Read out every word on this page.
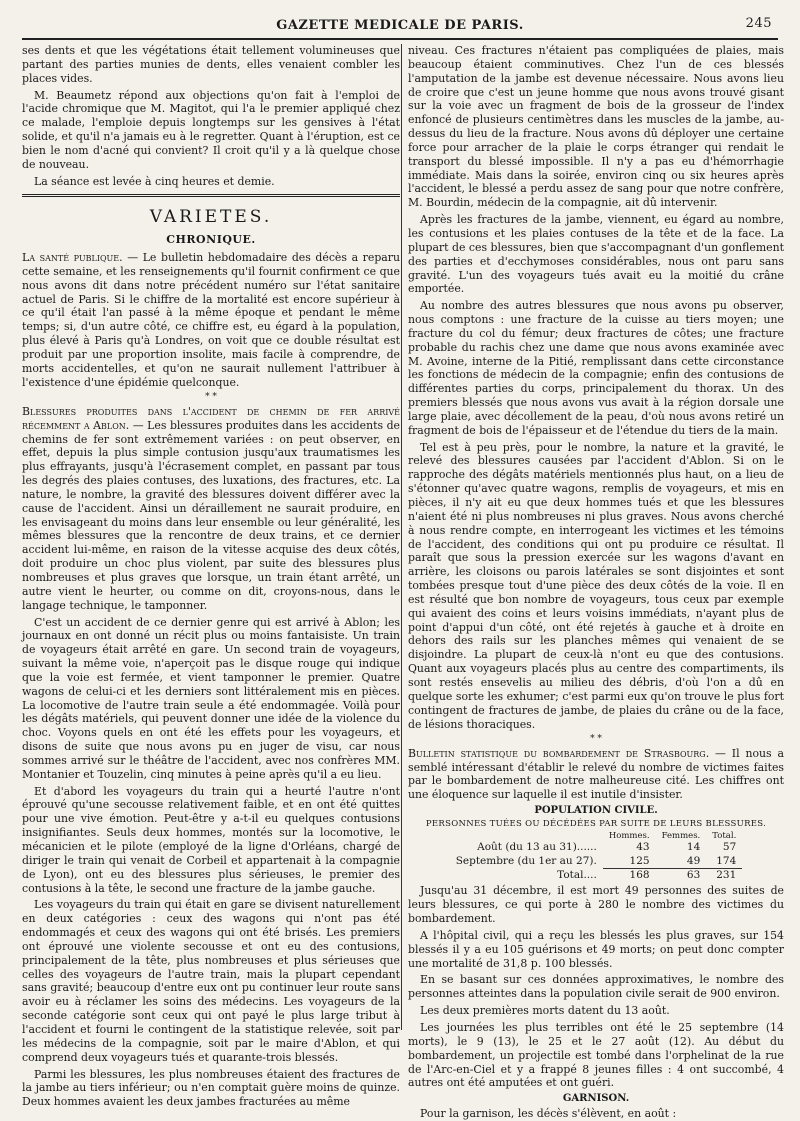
GAZETTE MEDICALE DE PARIS.	245

ses dents et que les végétations était tellement volumineuses que partant des parties munies de dents, elles venaient combler les places vides.

M. Beaumetz répond aux objections qu'on fait à l'emploi de l'acide chromique que M. Magitot, qui l'a le premier appliqué chez ce malade, l'emploie depuis longtemps sur les gensives à l'état solide, et qu'il n'a jamais eu à le regretter. Quant à l'éruption, est ce bien le nom d'acné qui convient? Il croit qu'il y a là quelque chose de nouveau.

La séance est levée à cinq heures et demie.

VARIETES.
CHRONIQUE.

La santé publique. — Le bulletin hebdomadaire des décès a reparu cette semaine, et les renseignements qu'il fournit confirment ce que nous avons dit dans notre précédent numéro sur l'état sanitaire actuel de Paris. Si le chiffre de la mortalité est encore supérieur à ce qu'il était l'an passé à la même époque et pendant le même temps; si, d'un autre côté, ce chiffre est, eu égard à la population, plus élevé à Paris qu'à Londres, on voit que ce double résultat est produit par une proportion insolite, mais facile à comprendre, de morts accidentelles, et qu'on ne saurait nullement l'attribuer à l'existence d'une épidémie quelconque.

* *

Blessures produites dans l'accident de chemin de fer arrivé récemment a Ablon. — Les blessures produites dans les accidents de chemins de fer sont extrêmement variées : on peut observer, en effet, depuis la plus simple contusion jusqu'aux traumatismes les plus effrayants, jusqu'à l'écrasement complet, en passant par tous les degrés des plaies contuses, des luxations, des fractures, etc. La nature, le nombre, la gravité des blessures doivent différer avec la cause de l'accident. Ainsi un déraillement ne saurait produire, en les envisageant du moins dans leur ensemble ou leur généralité, les mêmes blessures que la rencontre de deux trains, et ce dernier accident lui-même, en raison de la vitesse acquise des deux côtés, doit produire un choc plus violent, par suite des blessures plus nombreuses et plus graves que lorsque, un train étant arrêté, un autre vient le heurter, ou comme on dit, croyons-nous, dans le langage technique, le tamponner.

C'est un accident de ce dernier genre qui est arrivé à Ablon; les journaux en ont donné un récit plus ou moins fantaisiste. Un train de voyageurs était arrêté en gare. Un second train de voyageurs, suivant la même voie, n'aperçoit pas le disque rouge qui indique que la voie est fermée, et vient tamponner le premier. Quatre wagons de celui-ci et les derniers sont littéralement mis en pièces. La locomotive de l'autre train seule a été endommagée. Voilà pour les dégâts matériels, qui peuvent donner une idée de la violence du choc. Voyons quels en ont été les effets pour les voyageurs, et disons de suite que nous avons pu en juger de visu, car nous sommes arrivé sur le théâtre de l'accident, avec nos confrères MM. Montanier et Touzelin, cinq minutes à peine après qu'il a eu lieu.

Et d'abord les voyageurs du train qui a heurté l'autre n'ont éprouvé qu'une secousse relativement faible, et en ont été quittes pour une vive émotion. Peut-être y a-t-il eu quelques contusions insignifiantes. Seuls deux hommes, montés sur la locomotive, le mécanicien et le pilote (employé de la ligne d'Orléans, chargé de diriger le train qui venait de Corbeil et appartenait à la compagnie de Lyon), ont eu des blessures plus sérieuses, le premier des contusions à la tête, le second une fracture de la jambe gauche.

Les voyageurs du train qui était en gare se divisent naturellement en deux catégories : ceux des wagons qui n'ont pas été endommagés et ceux des wagons qui ont été brisés. Les premiers ont éprouvé une violente secousse et ont eu des contusions, principalement de la tête, plus nombreuses et plus sérieuses que celles des voyageurs de l'autre train, mais la plupart cependant sans gravité; beaucoup d'entre eux ont pu continuer leur route sans avoir eu à réclamer les soins des médecins. Les voyageurs de la seconde catégorie sont ceux qui ont payé le plus large tribut à l'accident et fourni le contingent de la statistique relevée, soit par les médecins de la compagnie, soit par le maire d'Ablon, et qui comprend deux voyageurs tués et quarante-trois blessés.

Parmi les blessures, les plus nombreuses étaient des fractures de la jambe au tiers inférieur; ou n'en comptait guère moins de quinze. Deux hommes avaient les deux jambes fracturées au même

niveau. Ces fractures n'étaient pas compliquées de plaies, mais beaucoup étaient comminutives. Chez l'un de ces blessés l'amputation de la jambe est devenue nécessaire. Nous avons lieu de croire que c'est un jeune homme que nous avons trouvé gisant sur la voie avec un fragment de bois de la grosseur de l'index enfoncé de plusieurs centimètres dans les muscles de la jambe, au-dessus du lieu de la fracture. Nous avons dû déployer une certaine force pour arracher de la plaie le corps étranger qui rendait le transport du blessé impossible. Il n'y a pas eu d'hémorrhagie immédiate. Mais dans la soirée, environ cinq ou six heures après l'accident, le blessé a perdu assez de sang pour que notre confrère, M. Bourdin, médecin de la compagnie, ait dû intervenir.

Après les fractures de la jambe, viennent, eu égard au nombre, les contusions et les plaies contuses de la tête et de la face. La plupart de ces blessures, bien que s'accompagnant d'un gonflement des parties et d'ecchymoses considérables, nous ont paru sans gravité. L'un des voyageurs tués avait eu la moitié du crâne emportée.

Au nombre des autres blessures que nous avons pu observer, nous comptons : une fracture de la cuisse au tiers moyen; une fracture du col du fémur; deux fractures de côtes; une fracture probable du rachis chez une dame que nous avons examinée avec M. Avoine, interne de la Pitié, remplissant dans cette circonstance les fonctions de médecin de la compagnie; enfin des contusions de différentes parties du corps, principalement du thorax. Un des premiers blessés que nous avons vus avait à la région dorsale une large plaie, avec décollement de la peau, d'où nous avons retiré un fragment de bois de l'épaisseur et de l'étendue du tiers de la main.

Tel est à peu près, pour le nombre, la nature et la gravité, le relevé des blessures causées par l'accident d'Ablon. Si on le rapproche des dégâts matériels mentionnés plus haut, on a lieu de s'étonner qu'avec quatre wagons, remplis de voyageurs, et mis en pièces, il n'y ait eu que deux hommes tués et que les blessures n'aient été ni plus nombreuses ni plus graves. Nous avons cherché à nous rendre compte, en interrogeant les victimes et les témoins de l'accident, des conditions qui ont pu produire ce résultat. Il paraît que sous la pression exercée sur les wagons d'avant en arrière, les cloisons ou parois latérales se sont disjointes et sont tombées presque tout d'une pièce des deux côtés de la voie. Il en est résulté que bon nombre de voyageurs, tous ceux par exemple qui avaient des coins et leurs voisins immédiats, n'ayant plus de point d'appui d'un côté, ont été rejetés à gauche et à droite en dehors des rails sur les planches mêmes qui venaient de se disjoindre. La plupart de ceux-là n'ont eu que des contusions. Quant aux voyageurs placés plus au centre des compartiments, ils sont restés ensevelis au milieu des débris, d'où l'on a dû en quelque sorte les exhumer; c'est parmi eux qu'on trouve le plus fort contingent de fractures de jambe, de plaies du crâne ou de la face, de lésions thoraciques.

* *

Bulletin statistique du bombardement de Strasbourg. — Il nous a semblé intéressant d'établir le relevé du nombre de victimes faites par le bombardement de notre malheureuse cité. Les chiffres ont une éloquence sur laquelle il est inutile d'insister.

POPULATION CIVILE.
PERSONNES TUÉES OU DÉCÉDÉES PAR SUITE DE LEURS BLESSURES.
	Hommes.	Femmes.	Total.
Août (du 13 au 31)......	43	14	57
Septembre (du 1er au 27).	125	49	174
Total....	168	63	231

Jusqu'au 31 décembre, il est mort 49 personnes des suites de leurs blessures, ce qui porte à 280 le nombre des victimes du bombardement.

A l'hôpital civil, qui a reçu les blessés les plus graves, sur 154 blessés il y a eu 105 guérisons et 49 morts; on peut donc compter une mortalité de 31,8 p. 100 blessés.

En se basant sur ces données approximatives, le nombre des personnes atteintes dans la population civile serait de 900 environ.

Les deux premières morts datent du 13 août.

Les journées les plus terribles ont été le 25 septembre (14 morts), le 9 (13), le 25 et le 27 août (12). Au début du bombardement, un projectile est tombé dans l'orphelinat de la rue de l'Arc-en-Ciel et y a frappé 8 jeunes filles : 4 ont succombé, 4 autres ont été amputées et ont guéri.

GARNISON.

Pour la garnison, les décès s'élèvent, en août :
